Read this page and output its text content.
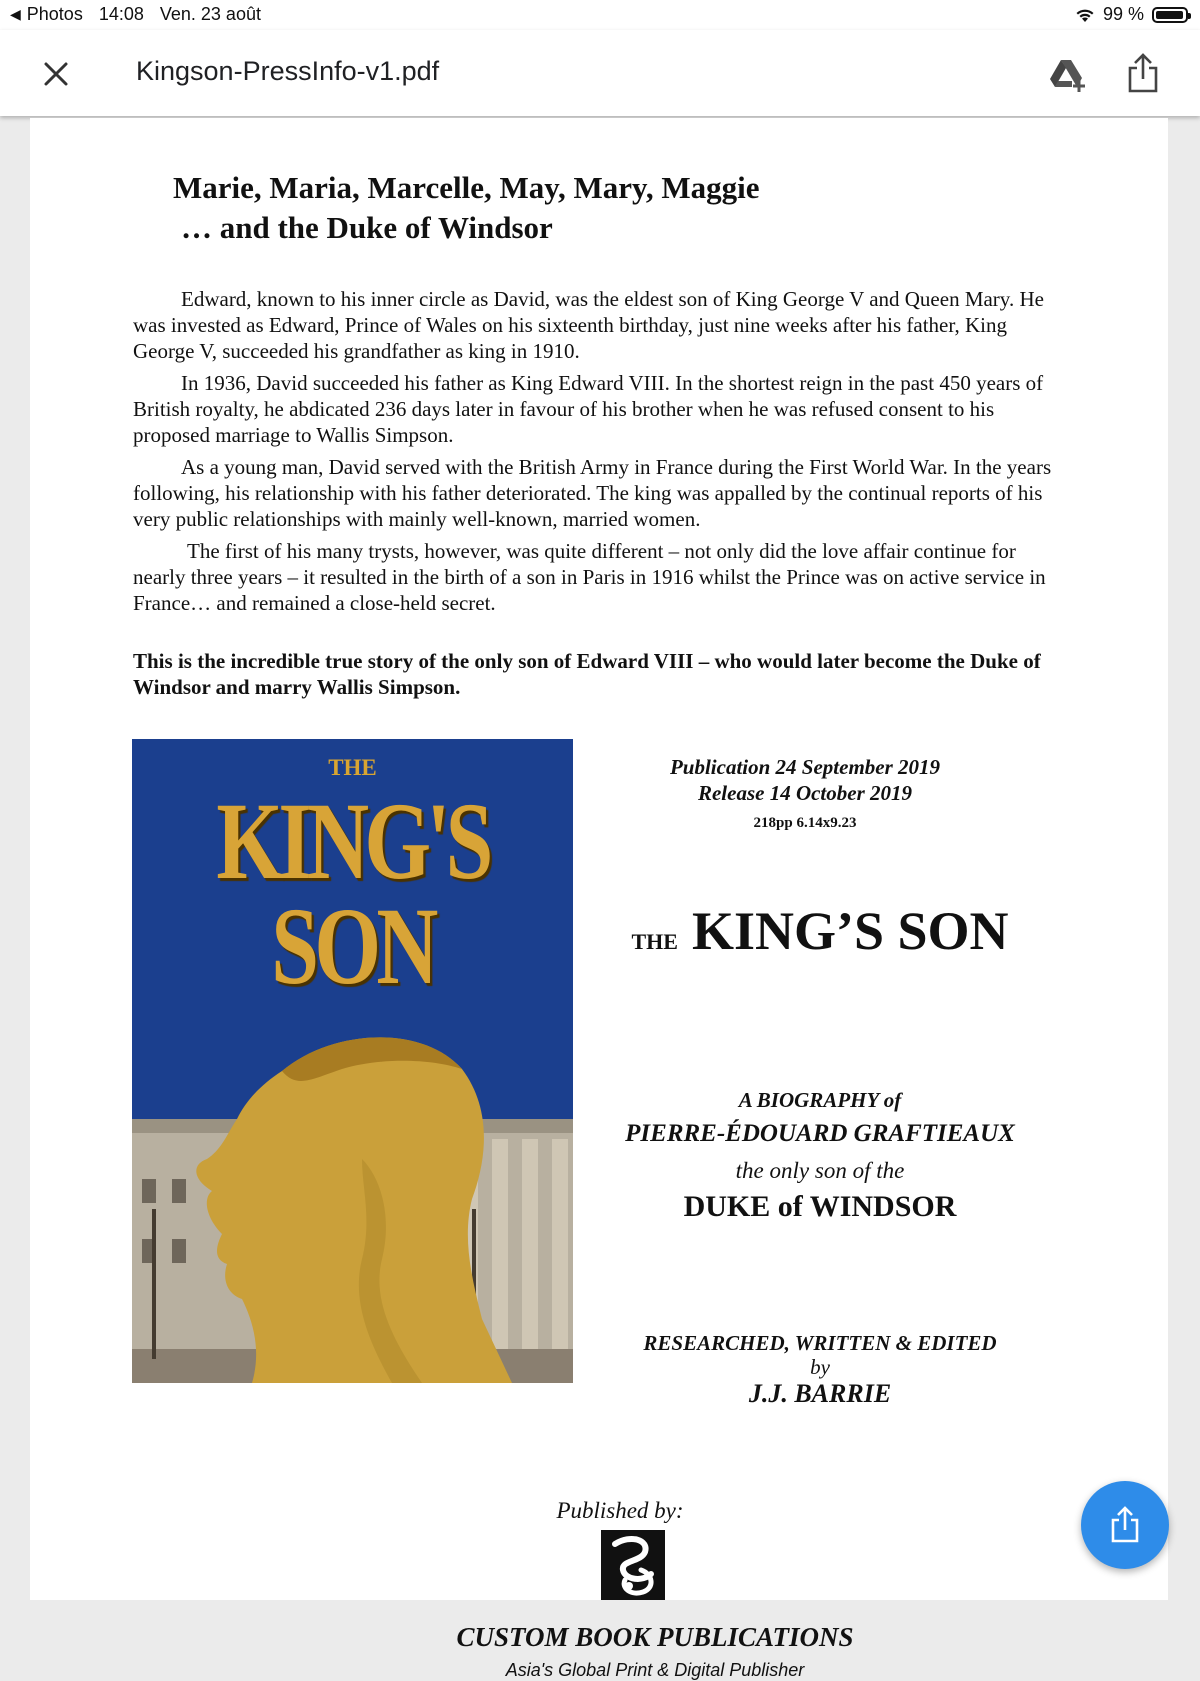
◀ Photos 14:08 Ven. 23 août	99 %
Kingson-PressInfo-v1.pdf
Marie, Maria, Marcelle, May, Mary, Maggie
… and the Duke of Windsor

Edward, known to his inner circle as David, was the eldest son of King George V and Queen Mary. He was invested as Edward, Prince of Wales on his sixteenth birthday, just nine weeks after his father, King George V, succeeded his grandfather as king in 1910.

In 1936, David succeeded his father as King Edward VIII. In the shortest reign in the past 450 years of British royalty, he abdicated 236 days later in favour of his brother when he was refused consent to his proposed marriage to Wallis Simpson.

As a young man, David served with the British Army in France during the First World War. In the years following, his relationship with his father deteriorated. The king was appalled by the continual reports of his very public relationships with mainly well-known, married women.

The first of his many trysts, however, was quite different – not only did the love affair continue for nearly three years – it resulted in the birth of a son in Paris in 1916 whilst the Prince was on active service in France… and remained a close-held secret.

This is the incredible true story of the only son of Edward VIII – who would later become the Duke of Windsor and marry Wallis Simpson.
THE
KING'S
SON
Publication 24 September 2019
Release 14 October 2019
218pp 6.14x9.23
THE KING’S SON
A BIOGRAPHY of
PIERRE-ÉDOUARD GRAFTIEAUX
the only son of the
DUKE of WINDSOR
RESEARCHED, WRITTEN & EDITED
by
J.J. BARRIE
Published by:
CUSTOM BOOK PUBLICATIONS
Asia's Global Print & Digital Publisher
